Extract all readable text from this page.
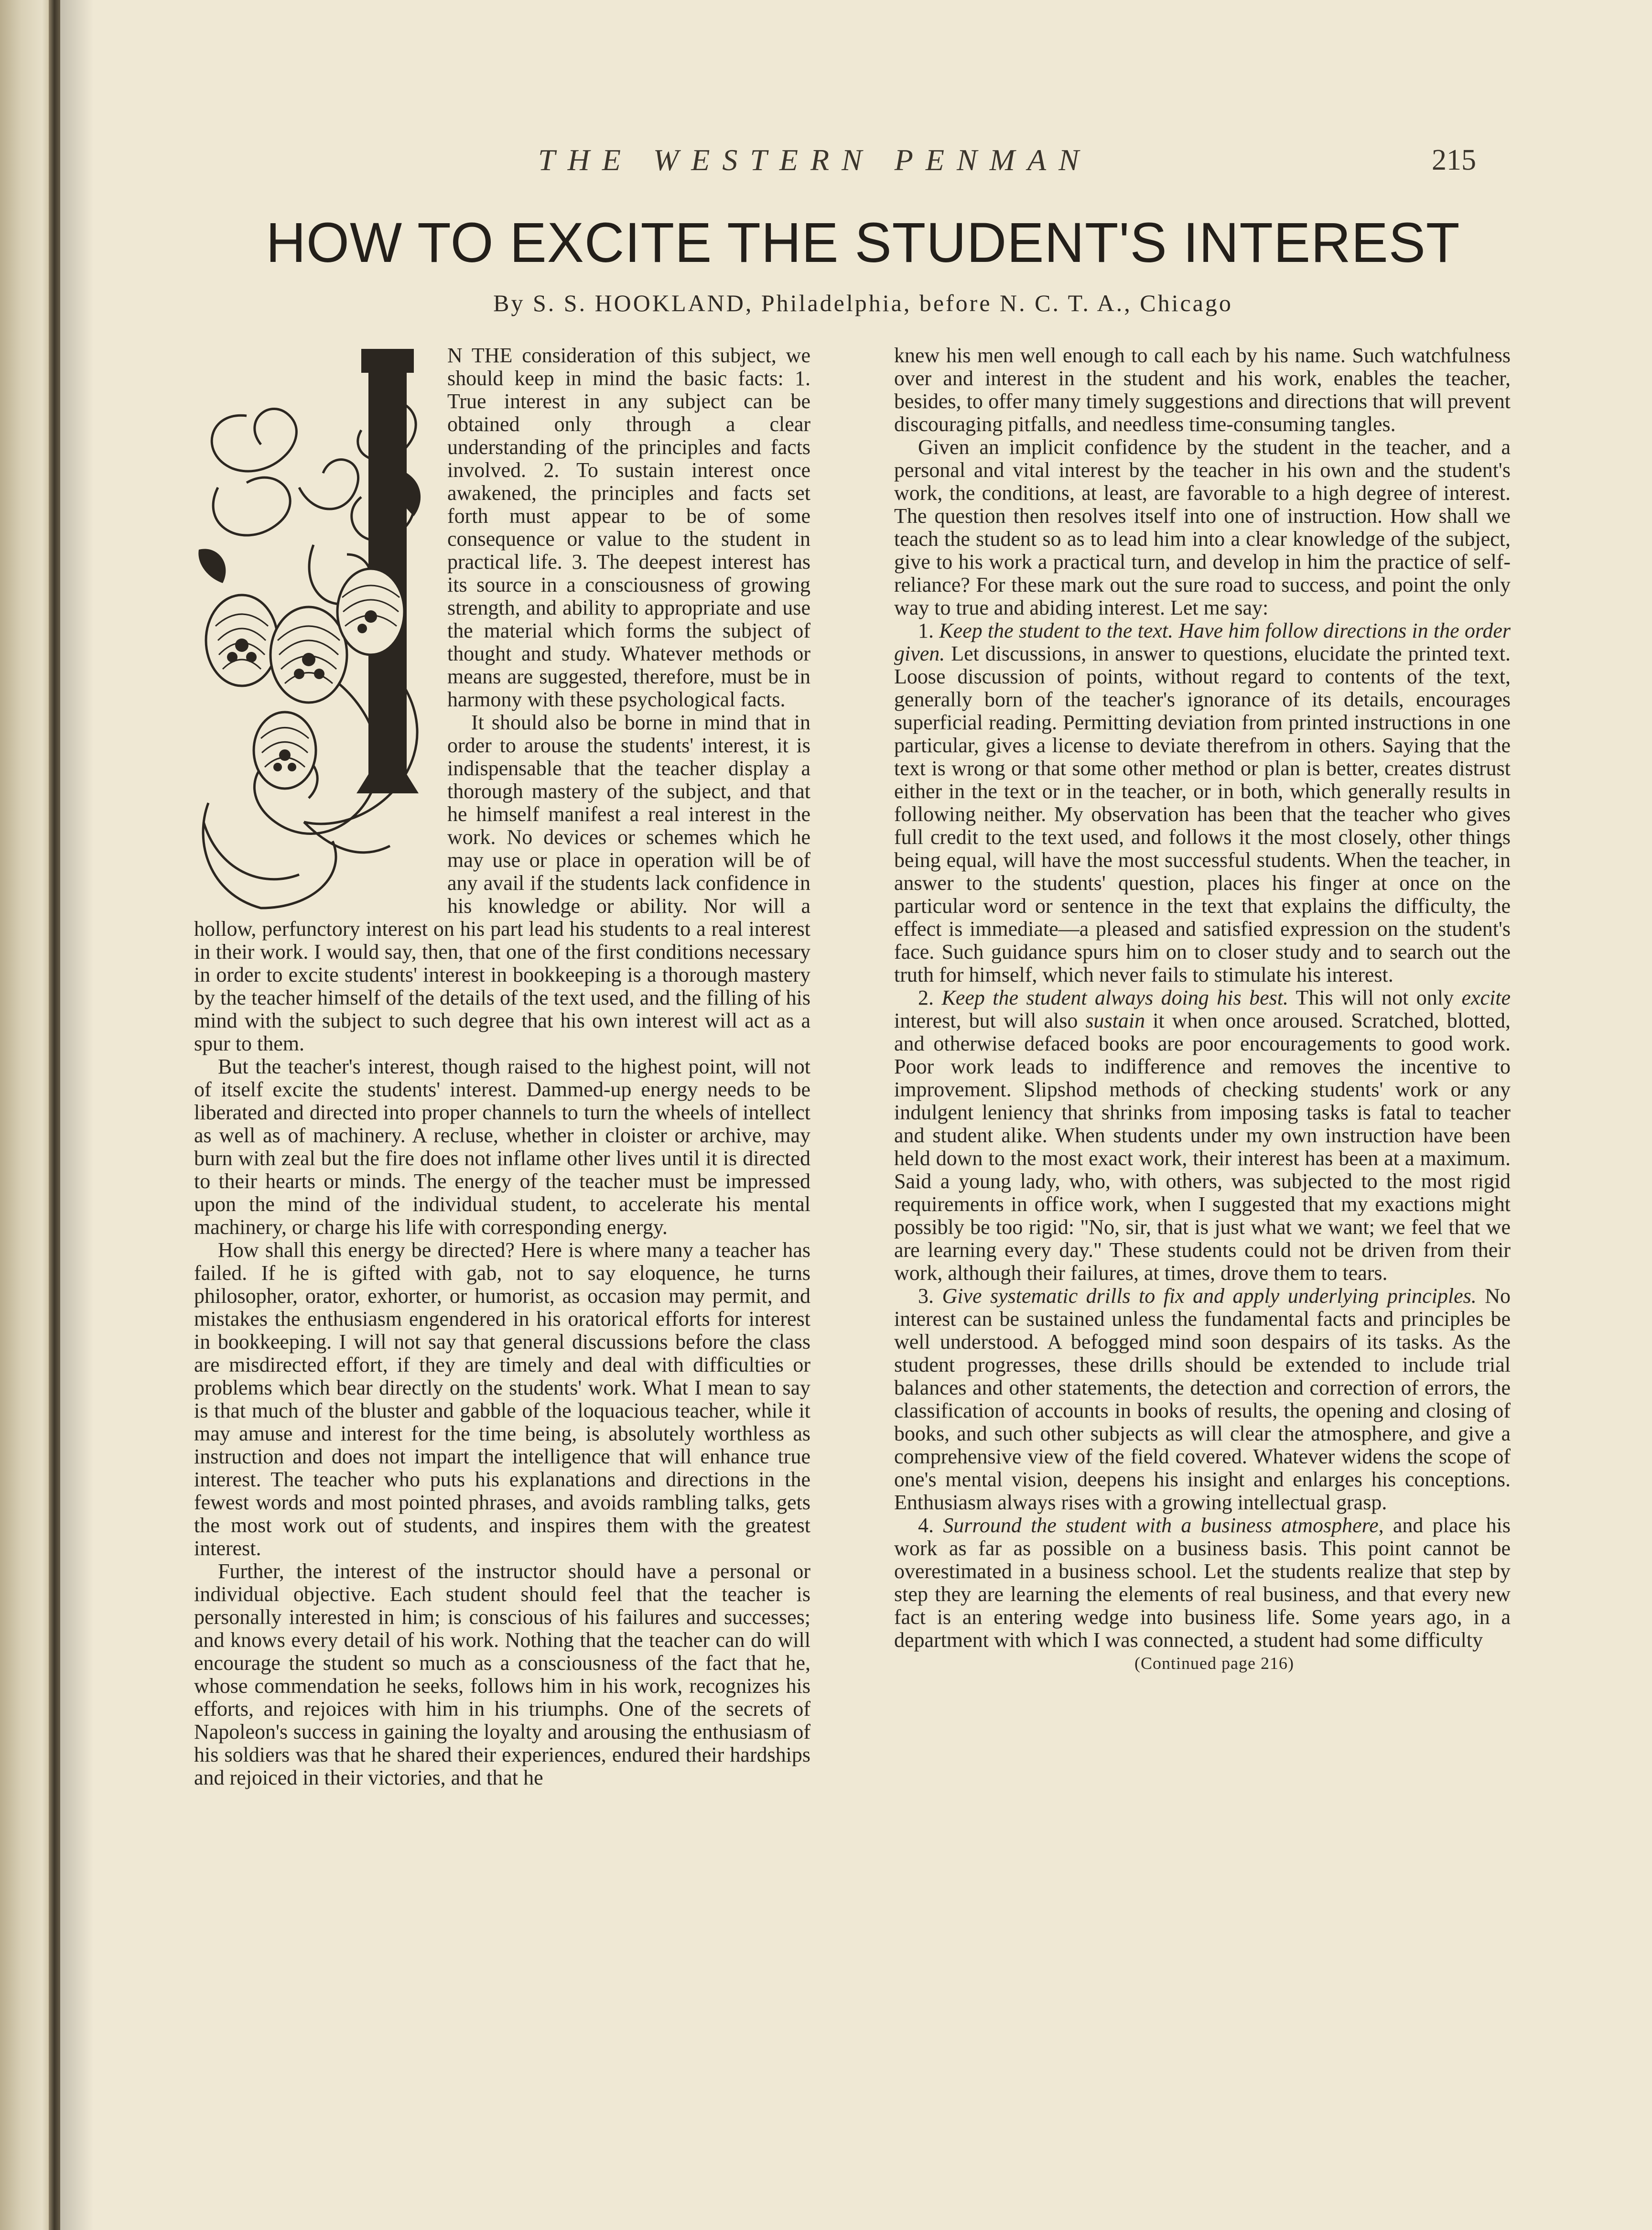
THE WESTERN PENMAN	215
HOW TO EXCITE THE STUDENT'S INTEREST
By S. S. HOOKLAND, Philadelphia, before N. C. T. A., Chicago

N THE consideration of this subject, we should keep in mind the basic facts: 1. True interest in any subject can be obtained only through a clear understanding of the principles and facts involved. 2. To sustain interest once awakened, the principles and facts set forth must appear to be of some consequence or value to the student in practical life. 3. The deepest interest has its source in a consciousness of growing strength, and ability to appropriate and use the material which forms the subject of thought and study. Whatever methods or means are suggested, therefore, must be in harmony with these psychological facts.

It should also be borne in mind that in order to arouse the students' interest, it is indispensable that the teacher display a thorough mastery of the subject, and that he himself manifest a real interest in the work. No devices or schemes which he may use or place in operation will be of any avail if the students lack confidence in his knowledge or ability. Nor will a hollow, perfunctory interest on his part lead his students to a real interest in their work. I would say, then, that one of the first conditions necessary in order to excite students' interest in bookkeeping is a thorough mastery by the teacher himself of the details of the text used, and the filling of his mind with the subject to such degree that his own interest will act as a spur to them.

But the teacher's interest, though raised to the highest point, will not of itself excite the students' interest. Dammed-up energy needs to be liberated and directed into proper channels to turn the wheels of intellect as well as of machinery. A recluse, whether in cloister or archive, may burn with zeal but the fire does not inflame other lives until it is directed to their hearts or minds. The energy of the teacher must be impressed upon the mind of the individual student, to accelerate his mental machinery, or charge his life with corresponding energy.

How shall this energy be directed? Here is where many a teacher has failed. If he is gifted with gab, not to say eloquence, he turns philosopher, orator, exhorter, or humorist, as occasion may permit, and mistakes the enthusiasm engendered in his oratorical efforts for interest in bookkeeping. I will not say that general discussions before the class are misdirected effort, if they are timely and deal with difficulties or problems which bear directly on the students' work. What I mean to say is that much of the bluster and gabble of the loquacious teacher, while it may amuse and interest for the time being, is absolutely worthless as instruction and does not impart the intelligence that will enhance true interest. The teacher who puts his explanations and directions in the fewest words and most pointed phrases, and avoids rambling talks, gets the most work out of students, and inspires them with the greatest interest.

Further, the interest of the instructor should have a personal or individual objective. Each student should feel that the teacher is personally interested in him; is conscious of his failures and successes; and knows every detail of his work. Nothing that the teacher can do will encourage the student so much as a consciousness of the fact that he, whose commendation he seeks, follows him in his work, recognizes his efforts, and rejoices with him in his triumphs. One of the secrets of Napoleon's success in gaining the loyalty and arousing the enthusiasm of his soldiers was that he shared their experiences, endured their hardships and rejoiced in their victories, and that he

knew his men well enough to call each by his name. Such watchfulness over and interest in the student and his work, enables the teacher, besides, to offer many timely suggestions and directions that will prevent discouraging pitfalls, and needless time-consuming tangles.

Given an implicit confidence by the student in the teacher, and a personal and vital interest by the teacher in his own and the student's work, the conditions, at least, are favorable to a high degree of interest. The question then resolves itself into one of instruction. How shall we teach the student so as to lead him into a clear knowledge of the subject, give to his work a practical turn, and develop in him the practice of self-reliance? For these mark out the sure road to success, and point the only way to true and abiding interest. Let me say:

1. Keep the student to the text. Have him follow directions in the order given. Let discussions, in answer to questions, elucidate the printed text. Loose discussion of points, without regard to contents of the text, generally born of the teacher's ignorance of its details, encourages superficial reading. Permitting deviation from printed instructions in one particular, gives a license to deviate therefrom in others. Saying that the text is wrong or that some other method or plan is better, creates distrust either in the text or in the teacher, or in both, which generally results in following neither. My observation has been that the teacher who gives full credit to the text used, and follows it the most closely, other things being equal, will have the most successful students. When the teacher, in answer to the students' question, places his finger at once on the particular word or sentence in the text that explains the difficulty, the effect is immediate—a pleased and satisfied expression on the student's face. Such guidance spurs him on to closer study and to search out the truth for himself, which never fails to stimulate his interest.

2. Keep the student always doing his best. This will not only excite interest, but will also sustain it when once aroused. Scratched, blotted, and otherwise defaced books are poor encouragements to good work. Poor work leads to indifference and removes the incentive to improvement. Slipshod methods of checking students' work or any indulgent leniency that shrinks from imposing tasks is fatal to teacher and student alike. When students under my own instruction have been held down to the most exact work, their interest has been at a maximum. Said a young lady, who, with others, was subjected to the most rigid requirements in office work, when I suggested that my exactions might possibly be too rigid: "No, sir, that is just what we want; we feel that we are learning every day." These students could not be driven from their work, although their failures, at times, drove them to tears.

3. Give systematic drills to fix and apply underlying principles. No interest can be sustained unless the fundamental facts and principles be well understood. A befogged mind soon despairs of its tasks. As the student progresses, these drills should be extended to include trial balances and other statements, the detection and correction of errors, the classification of accounts in books of results, the opening and closing of books, and such other subjects as will clear the atmosphere, and give a comprehensive view of the field covered. Whatever widens the scope of one's mental vision, deepens his insight and enlarges his conceptions. Enthusiasm always rises with a growing intellectual grasp.

4. Surround the student with a business atmosphere, and place his work as far as possible on a business basis. This point cannot be overestimated in a business school. Let the students realize that step by step they are learning the elements of real business, and that every new fact is an entering wedge into business life. Some years ago, in a department with which I was connected, a student had some difficulty

(Continued page 216)
